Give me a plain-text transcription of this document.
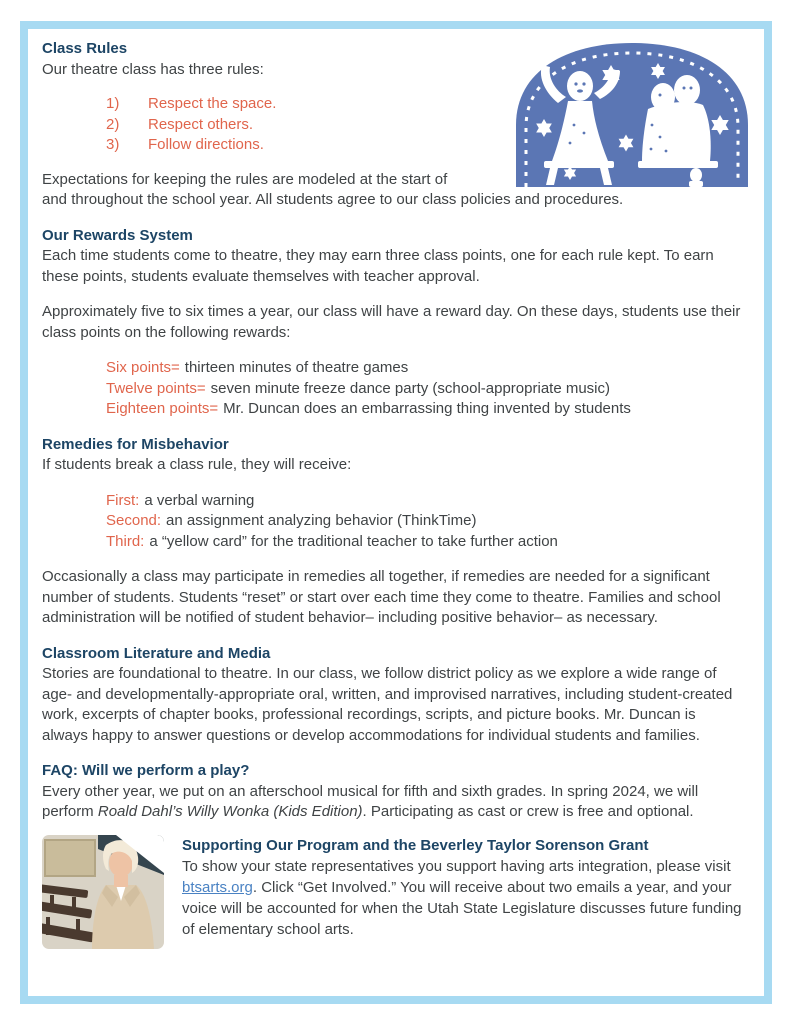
Class Rules

Our theatre class has three rules:

1)	Respect the space.
2)	Respect others.
3)	Follow directions.

Expectations for keeping the rules are modeled at the start of

and throughout the school year. All students agree to our class policies and procedures.

Our Rewards System

Each time students come to theatre, they may earn three class points, one for each rule kept. To earn these points, students evaluate themselves with teacher approval.

Approximately five to six times a year, our class will have a reward day. On these days, students use their class points on the following rewards:

Six points= thirteen minutes of theatre games
Twelve points= seven minute freeze dance party (school-appropriate music)
Eighteen points= Mr. Duncan does an embarrassing thing invented by students
Remedies for Misbehavior

If students break a class rule, they will receive:

First: a verbal warning
Second: an assignment analyzing behavior (ThinkTime)
Third: a “yellow card” for the traditional teacher to take further action

Occasionally a class may participate in remedies all together, if remedies are needed for a significant number of students. Students “reset” or start over each time they come to theatre. Families and school administration will be notified of student behavior– including positive behavior– as necessary.

Classroom Literature and Media

Stories are foundational to theatre. In our class, we follow district policy as we explore a wide range of age- and developmentally-appropriate oral, written, and improvised narratives, including student-created work, excerpts of chapter books, professional recordings, scripts, and picture books. Mr. Duncan is always happy to answer questions or develop accommodations for individual students and families.

FAQ: Will we perform a play?

Every other year, we put on an afterschool musical for fifth and sixth grades. In spring 2024, we will perform Roald Dahl’s Willy Wonka (Kids Edition). Participating as cast or crew is free and optional.

Supporting Our Program and the Beverley Taylor Sorenson Grant

To show your state representatives you support having arts integration, please visit btsarts.org. Click “Get Involved.” You will receive about two emails a year, and your voice will be accounted for when the Utah State Legislature discusses future funding of elementary school arts.
